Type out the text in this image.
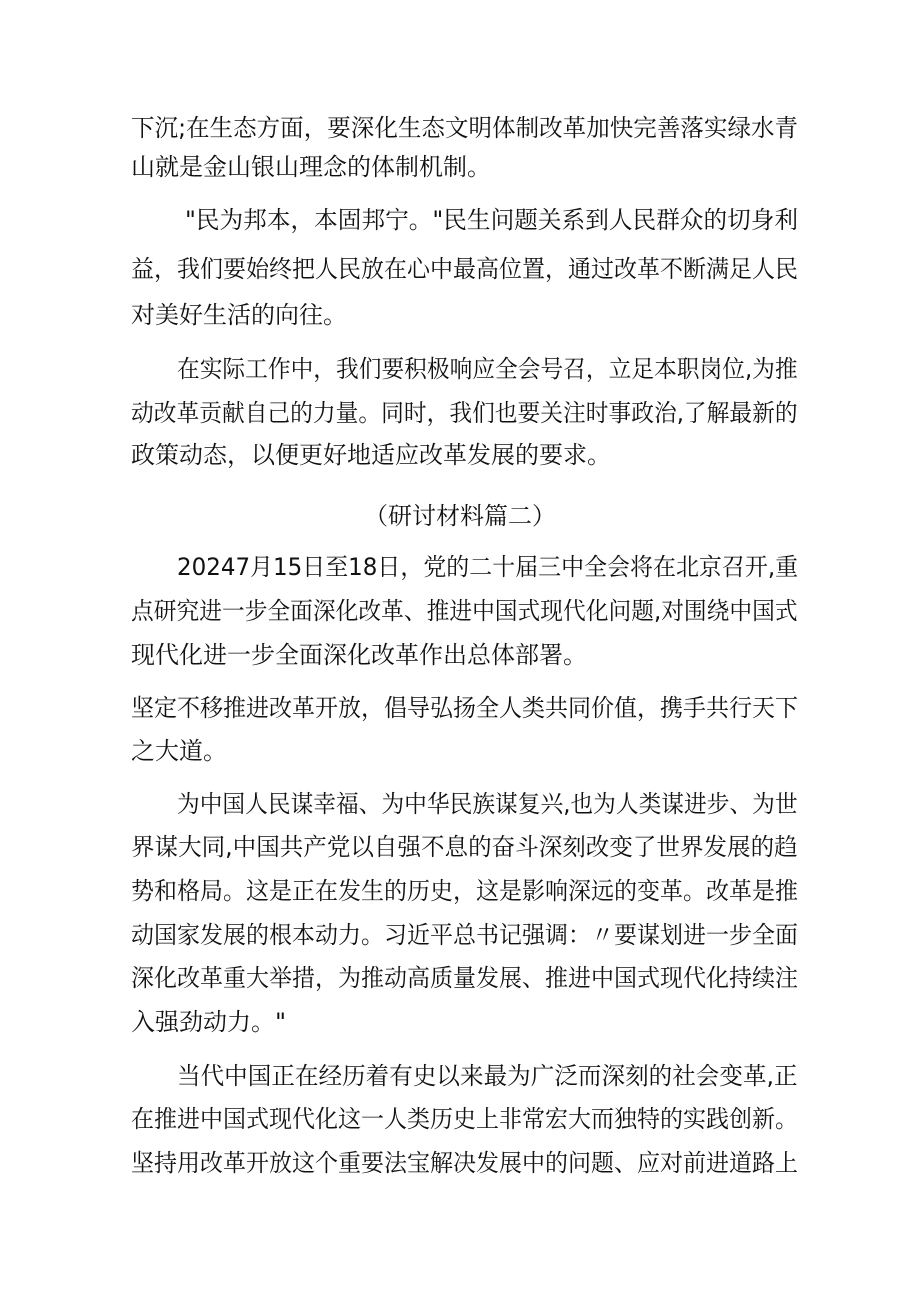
下沉;在生态方面，要深化生态文明体制改革加快完善落实绿水青
山就是金山银山理念的体制机制。
"民为邦本，本固邦宁。"民生问题关系到人民群众的切身利
益，我们要始终把人民放在心中最高位置，通过改革不断满足人民
对美好生活的向往。
在实际工作中，我们要积极响应全会号召，立足本职岗位,为推
动改革贡献自己的力量。同时，我们也要关注时事政治,了解最新的
政策动态，以便更好地适应改革发展的要求。
（研讨材料篇二）
20247月15日至18日，党的二十届三中全会将在北京召开,重
点研究进一步全面深化改革、推进中国式现代化问题,对围绕中国式
现代化进一步全面深化改革作出总体部署。
坚定不移推进改革开放，倡导弘扬全人类共同价值，携手共行天下
之大道。
为中国人民谋幸福、为中华民族谋复兴,也为人类谋进步、为世
界谋大同,中国共产党以自强不息的奋斗深刻改变了世界发展的趋
势和格局。这是正在发生的历史，这是影响深远的变革。改革是推
动国家发展的根本动力。习近平总书记强调：〃要谋划进一步全面
深化改革重大举措，为推动高质量发展、推进中国式现代化持续注
入强劲动力。"
当代中国正在经历着有史以来最为广泛而深刻的社会变革,正
在推进中国式现代化这一人类历史上非常宏大而独特的实践创新。
坚持用改革开放这个重要法宝解决发展中的问题、应对前进道路上
